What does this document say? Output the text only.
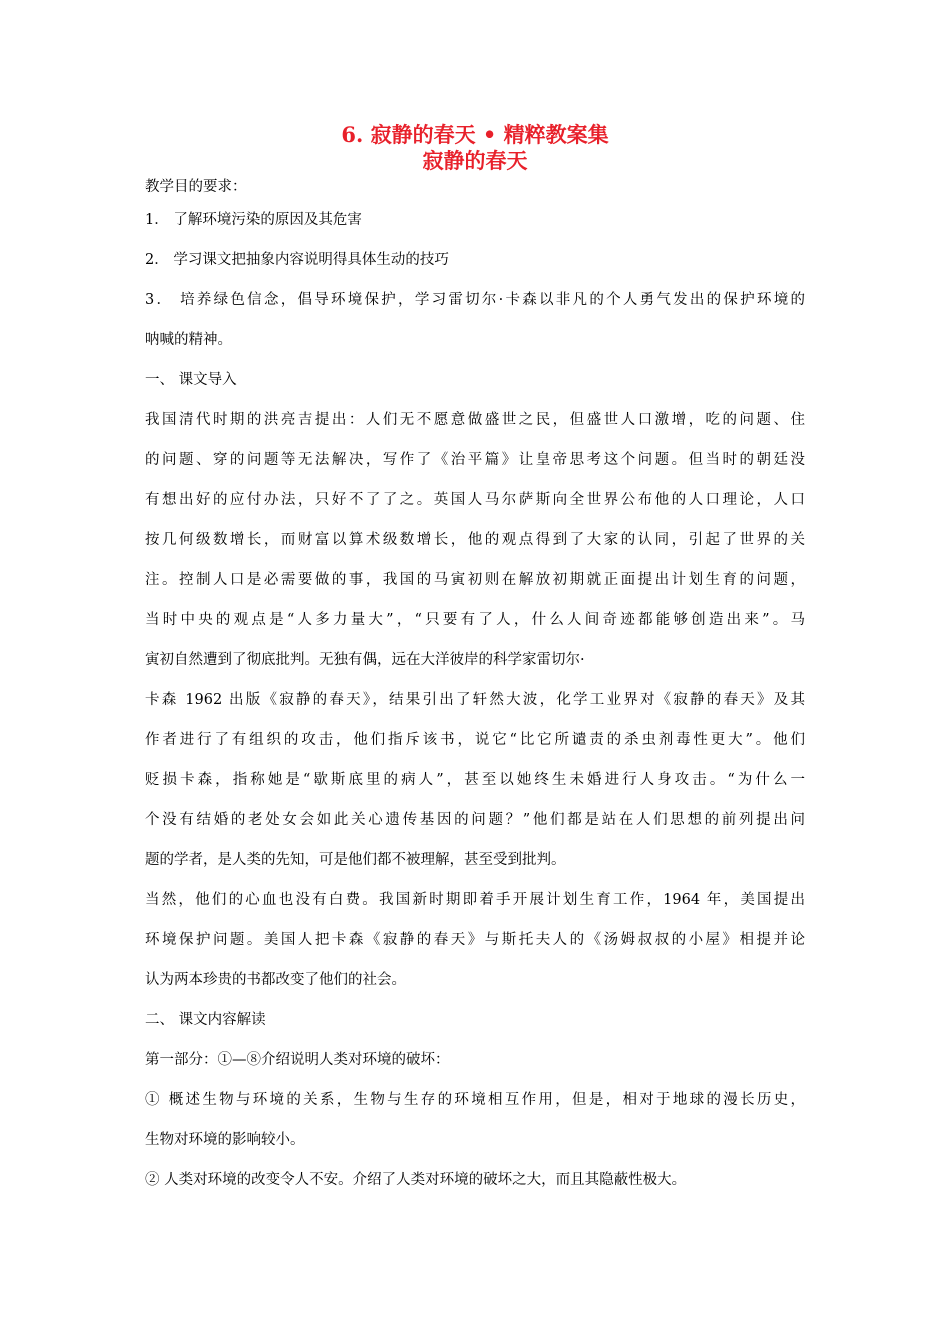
6. 寂静的春天 • 精粹教案集
寂静的春天
教学目的要求：
1． 了解环境污染的原因及其危害
2． 学习课文把抽象内容说明得具体生动的技巧
3． 培养绿色信念，倡导环境保护，学习雷切尔·卡森以非凡的个人勇气发出的保护环境的
呐喊的精神。
一、 课文导入
我国清代时期的洪亮吉提出：人们无不愿意做盛世之民，但盛世人口激增，吃的问题、住
的问题、穿的问题等无法解决，写作了《治平篇》让皇帝思考这个问题。但当时的朝廷没
有想出好的应付办法，只好不了了之。英国人马尔萨斯向全世界公布他的人口理论，人口
按几何级数增长，而财富以算术级数增长，他的观点得到了大家的认同，引起了世界的关
注。控制人口是必需要做的事，我国的马寅初则在解放初期就正面提出计划生育的问题，
当时中央的观点是“人多力量大”，“只要有了人，什么人间奇迹都能够创造出来”。马
寅初自然遭到了彻底批判。无独有偶，远在大洋彼岸的科学家雷切尔·
卡森 1962 出版《寂静的春天》，结果引出了轩然大波，化学工业界对《寂静的春天》及其
作者进行了有组织的攻击，他们指斥该书，说它“比它所谴责的杀虫剂毒性更大”。他们
贬损卡森，指称她是“歇斯底里的病人”，甚至以她终生未婚进行人身攻击。“为什么一
个没有结婚的老处女会如此关心遗传基因的问题？”他们都是站在人们思想的前列提出问
题的学者，是人类的先知，可是他们都不被理解，甚至受到批判。
当然，他们的心血也没有白费。我国新时期即着手开展计划生育工作，1964 年，美国提出
环境保护问题。美国人把卡森《寂静的春天》与斯托夫人的《汤姆叔叔的小屋》相提并论
认为两本珍贵的书都改变了他们的社会。
二、 课文内容解读
第一部分：①—⑧介绍说明人类对环境的破坏：
① 概述生物与环境的关系，生物与生存的环境相互作用，但是，相对于地球的漫长历史，
生物对环境的影响较小。
② 人类对环境的改变令人不安。介绍了人类对环境的破坏之大，而且其隐蔽性极大。
